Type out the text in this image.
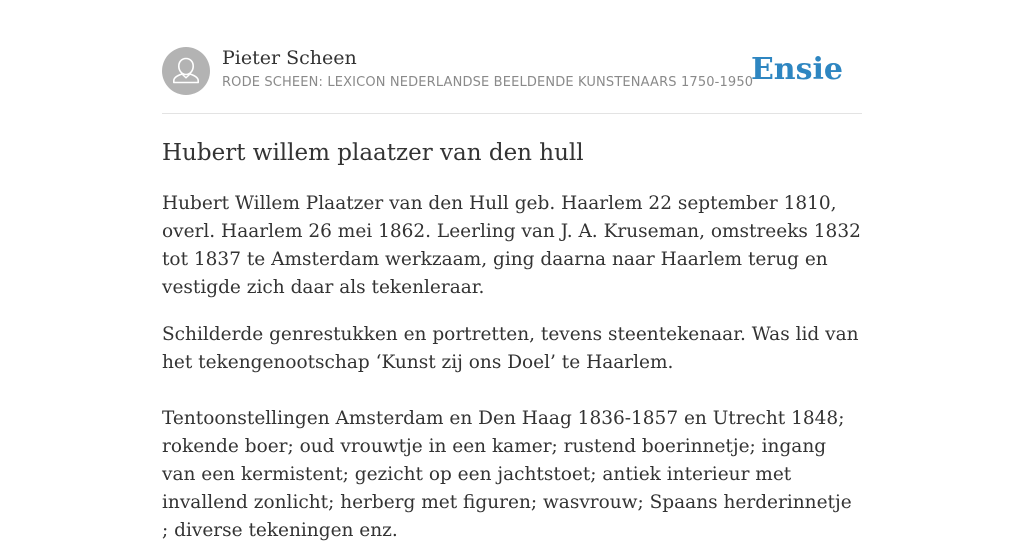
Pieter Scheen
RODE SCHEEN: LEXICON NEDERLANDSE BEELDENDE KUNSTENAARS 1750-1950
Ensie
Hubert willem plaatzer van den hull

Hubert Willem Plaatzer van den Hull geb. Haarlem 22 september 1810, overl. Haarlem 26 mei 1862. Leerling van J. A. Kruseman, omstreeks 1832 tot 1837 te Amsterdam werkzaam, ging daarna naar Haarlem terug en vestigde zich daar als tekenleraar.

Schilderde genrestukken en portretten, tevens steentekenaar. Was lid van het tekengenootschap ‘Kunst zij ons Doel’ te Haarlem.

Tentoonstellingen Amsterdam en Den Haag 1836-1857 en Utrecht 1848; rokende boer; oud vrouwtje in een kamer; rustend boerinnetje; ingang van een kermistent; gezicht op een jachtstoet; antiek interieur met invallend zonlicht; herberg met figuren; wasvrouw; Spaans herderinnetje ; diverse tekeningen enz.
